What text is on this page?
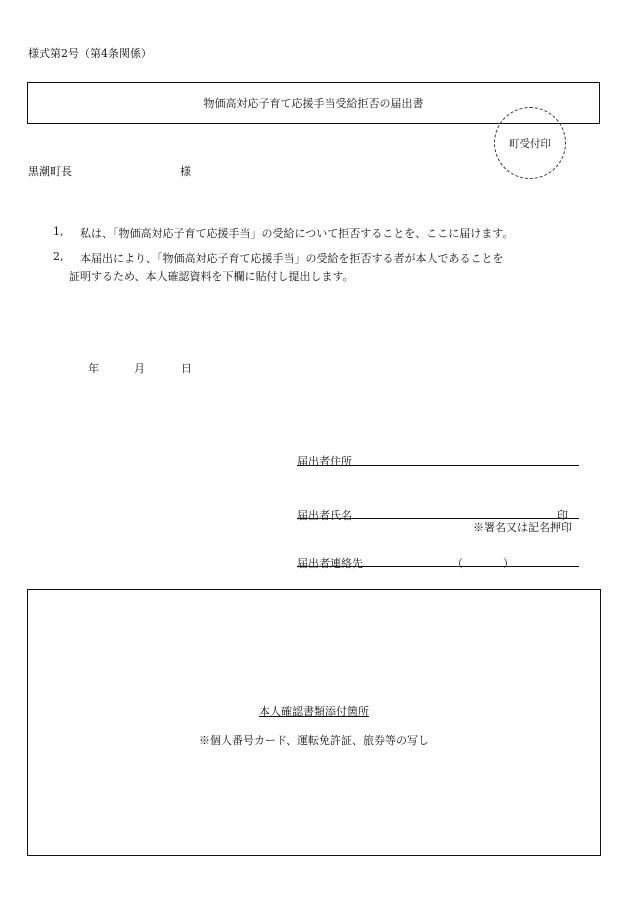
様式第2号（第4条関係）
物価高対応子育て応援手当受給拒否の届出書
町受付印
黒潮町長	様
1, 私は、「物価高対応子育て応援手当」の受給について拒否することを、ここに届けます。
2, 本届出により、「物価高対応子育て応援手当」の受給を拒否する者が本人であることを
証明するため、本人確認資料を下欄に貼付し提出します。
年	月	日
届出者住所
届出者氏名	印
※署名又は記名押印
届出者連絡先	（	）
本人確認書類添付箇所
※個人番号カード、運転免許証、旅券等の写し
